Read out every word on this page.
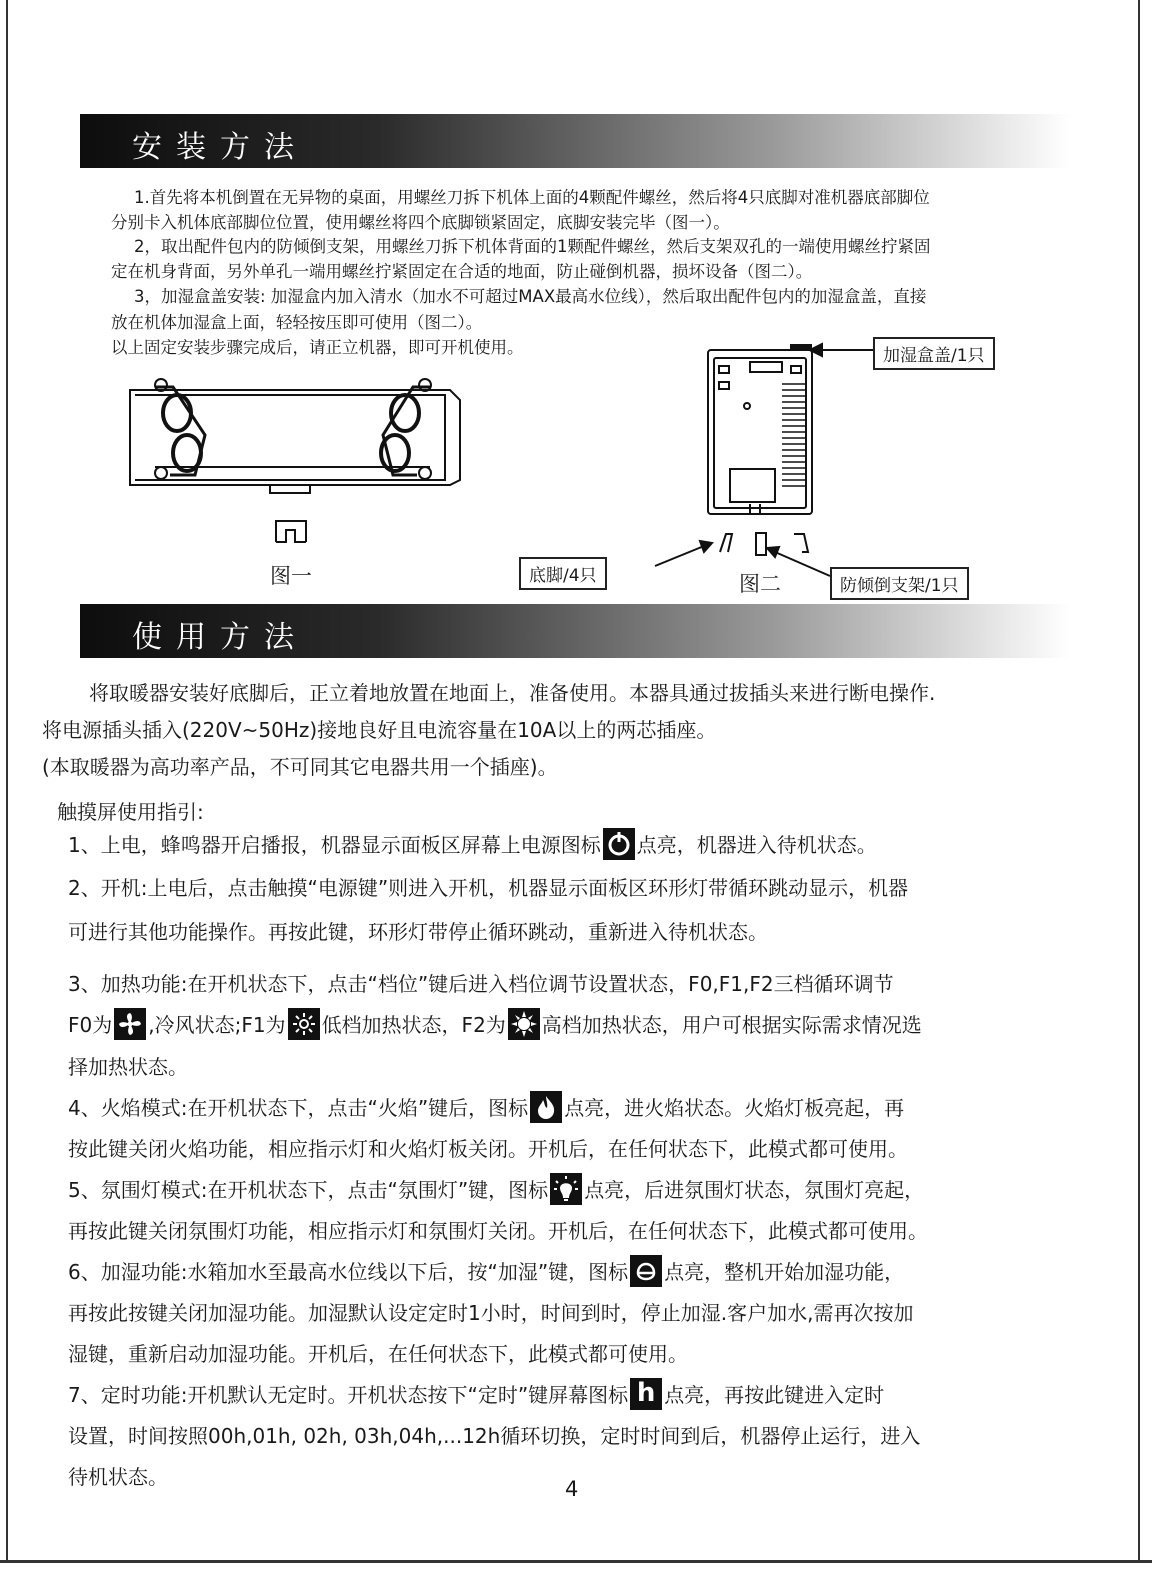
安装方法

1.首先将本机倒置在无异物的桌面，用螺丝刀拆下机体上面的4颗配件螺丝，然后将4只底脚对准机器底部脚位

分别卡入机体底部脚位位置，使用螺丝将四个底脚锁紧固定，底脚安装完毕（图一）。

2，取出配件包内的防倾倒支架，用螺丝刀拆下机体背面的1颗配件螺丝，然后支架双孔的一端使用螺丝拧紧固

定在机身背面，另外单孔一端用螺丝拧紧固定在合适的地面，防止碰倒机器，损坏设备（图二）。

3，加湿盒盖安装: 加湿盒内加入清水（加水不可超过MAX最高水位线），然后取出配件包内的加湿盒盖，直接

放在机体加湿盒上面，轻轻按压即可使用（图二）。

以上固定安装步骤完成后，请正立机器，即可开机使用。

图一	图二
加湿盒盖/1只
底脚/4只	防倾倒支架/1只
使用方法

将取暖器安装好底脚后，正立着地放置在地面上，准备使用。本器具通过拔插头来进行断电操作.

将电源插头插入(220V~50Hz)接地良好且电流容量在10A以上的两芯插座。

(本取暖器为高功率产品，不可同其它电器共用一个插座)。

触摸屏使用指引:

1、上电，蜂鸣器开启播报，机器显示面板区屏幕上电源图标 点亮，机器进入待机状态。

2、开机:上电后，点击触摸“电源键”则进入开机，机器显示面板区环形灯带循环跳动显示，机器

可进行其他功能操作。再按此键，环形灯带停止循环跳动，重新进入待机状态。

3、加热功能:在开机状态下，点击“档位”键后进入档位调节设置状态，F0,F1,F2三档循环调节

F0为 ,冷风状态;F1为 低档加热状态，F2为 高档加热状态，用户可根据实际需求情况选

择加热状态。

4、火焰模式:在开机状态下，点击“火焰”键后，图标 点亮，进火焰状态。火焰灯板亮起，再

按此键关闭火焰功能，相应指示灯和火焰灯板关闭。开机后，在任何状态下，此模式都可使用。

5、氛围灯模式:在开机状态下，点击“氛围灯”键，图标 点亮，后进氛围灯状态，氛围灯亮起，

再按此键关闭氛围灯功能，相应指示灯和氛围灯关闭。开机后，在任何状态下，此模式都可使用。

6、加湿功能:水箱加水至最高水位线以下后，按“加湿”键，图标 点亮，整机开始加湿功能，

再按此按键关闭加湿功能。加湿默认设定定时1小时，时间到时，停止加湿.客户加水,需再次按加

湿键，重新启动加湿功能。开机后，在任何状态下，此模式都可使用。

7、定时功能:开机默认无定时。开机状态按下“定时”键屏幕图标 h 点亮，再按此键进入定时

设置，时间按照00h,01h, 02h, 03h,04h,...12h循环切换，定时时间到后，机器停止运行，进入

待机状态。	4
